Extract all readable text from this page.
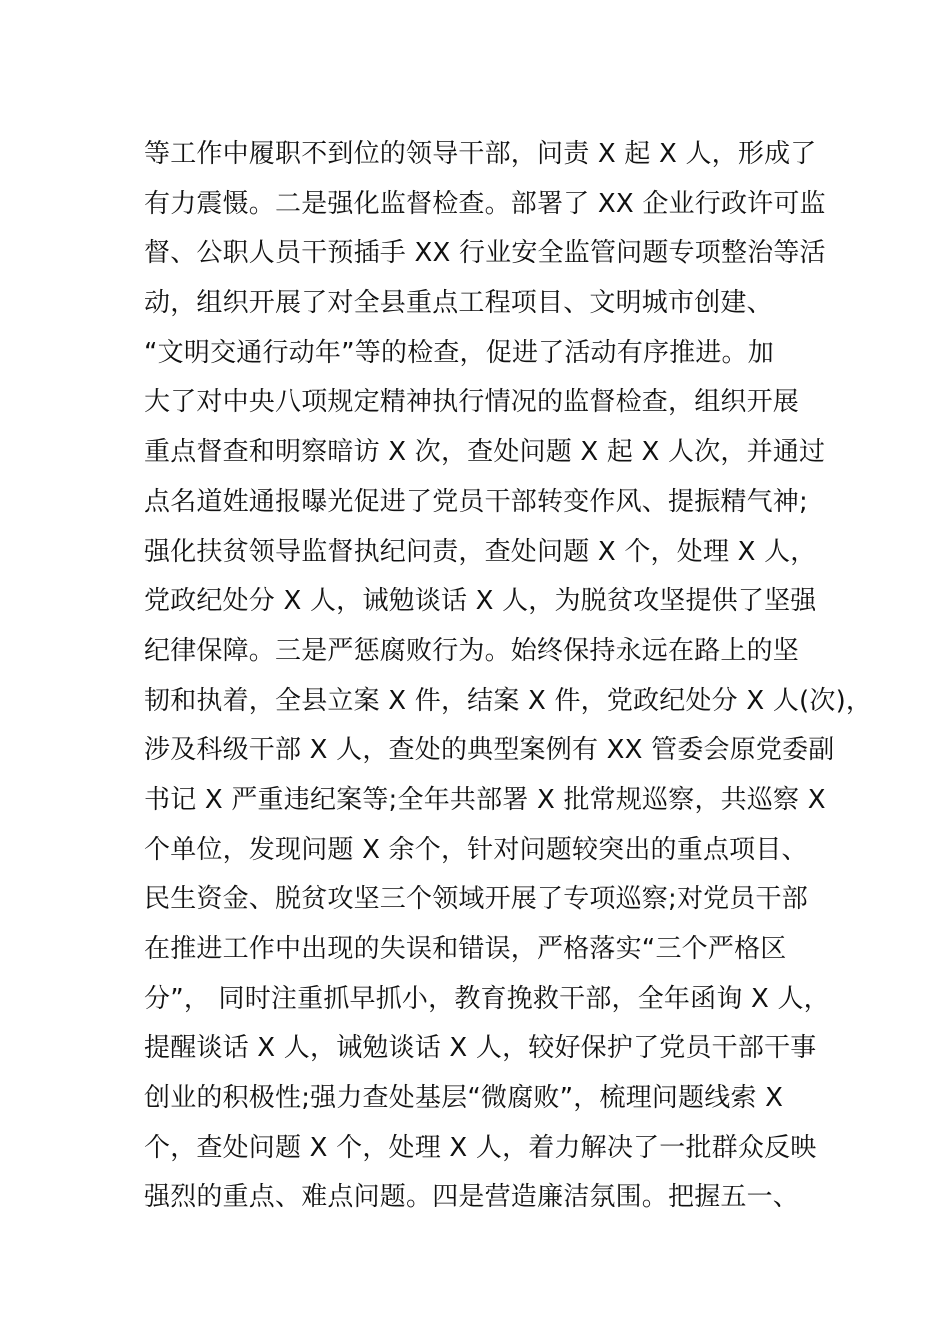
等工作中履职不到位的领导干部，问责 X 起 X 人，形成了
有力震慑。二是强化监督检查。部署了 XX 企业行政许可监
督、公职人员干预插手 XX 行业安全监管问题专项整治等活
动，组织开展了对全县重点工程项目、文明城市创建、
“文明交通行动年”等的检查，促进了活动有序推进。加
大了对中央八项规定精神执行情况的监督检查，组织开展
重点督查和明察暗访 X 次，查处问题 X 起 X 人次，并通过
点名道姓通报曝光促进了党员干部转变作风、提振精气神;
强化扶贫领导监督执纪问责，查处问题 X 个，处理 X 人，
党政纪处分 X 人，诫勉谈话 X 人，为脱贫攻坚提供了坚强
纪律保障。三是严惩腐败行为。始终保持永远在路上的坚
韧和执着，全县立案 X 件，结案 X 件，党政纪处分 X 人(次)，
涉及科级干部 X 人，查处的典型案例有 XX 管委会原党委副
书记 X 严重违纪案等;全年共部署 X 批常规巡察，共巡察 X
个单位，发现问题 X 余个，针对问题较突出的重点项目、
民生资金、脱贫攻坚三个领域开展了专项巡察;对党员干部
在推进工作中出现的失误和错误，严格落实“三个严格区
分”， 同时注重抓早抓小，教育挽救干部，全年函询 X 人，
提醒谈话 X 人，诫勉谈话 X 人，较好保护了党员干部干事
创业的积极性;强力查处基层“微腐败”，梳理问题线索 X
个，查处问题 X 个，处理 X 人，着力解决了一批群众反映
强烈的重点、难点问题。四是营造廉洁氛围。把握五一、
